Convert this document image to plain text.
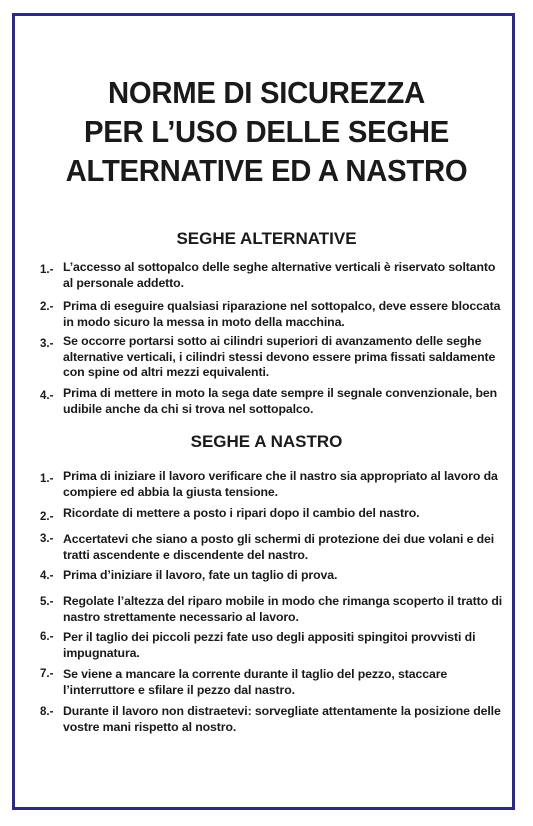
NORME DI SICUREZZA
PER L’USO DELLE SEGHE
ALTERNATIVE ED A NASTRO
SEGHE ALTERNATIVE
1.- L’accesso al sottopalco delle seghe alternative verticali è riservato soltanto al personale addetto.
2.- Prima di eseguire qualsiasi riparazione nel sottopalco, deve essere bloccata in modo sicuro la messa in moto della macchina.
3.- Se occorre portarsi sotto ai cilindri superiori di avanzamento delle seghe alternative verticali, i cilindri stessi devono essere prima fissati saldamente con spine od altri mezzi equivalenti.
4.- Prima di mettere in moto la sega date sempre il segnale convenzionale, ben udibile anche da chi si trova nel sottopalco.
SEGHE A NASTRO
1.- Prima di iniziare il lavoro verificare che il nastro sia appropriato al lavoro da compiere ed abbia la giusta tensione.
2.- Ricordate di mettere a posto i ripari dopo il cambio del nastro.
3.- Accertatevi che siano a posto gli schermi di protezione dei due volani e dei tratti ascendente e discendente del nastro.
4.- Prima d’iniziare il lavoro, fate un taglio di prova.
5.- Regolate l’altezza del riparo mobile in modo che rimanga scoperto il tratto di nastro strettamente necessario al lavoro.
6.- Per il taglio dei piccoli pezzi fate uso degli appositi spingitoi provvisti di impugnatura.
7.- Se viene a mancare la corrente durante il taglio del pezzo, staccare l’interruttore e sfilare il pezzo dal nastro.
8.- Durante il lavoro non distraetevi: sorvegliate attentamente la posizione delle vostre mani rispetto al nostro.
